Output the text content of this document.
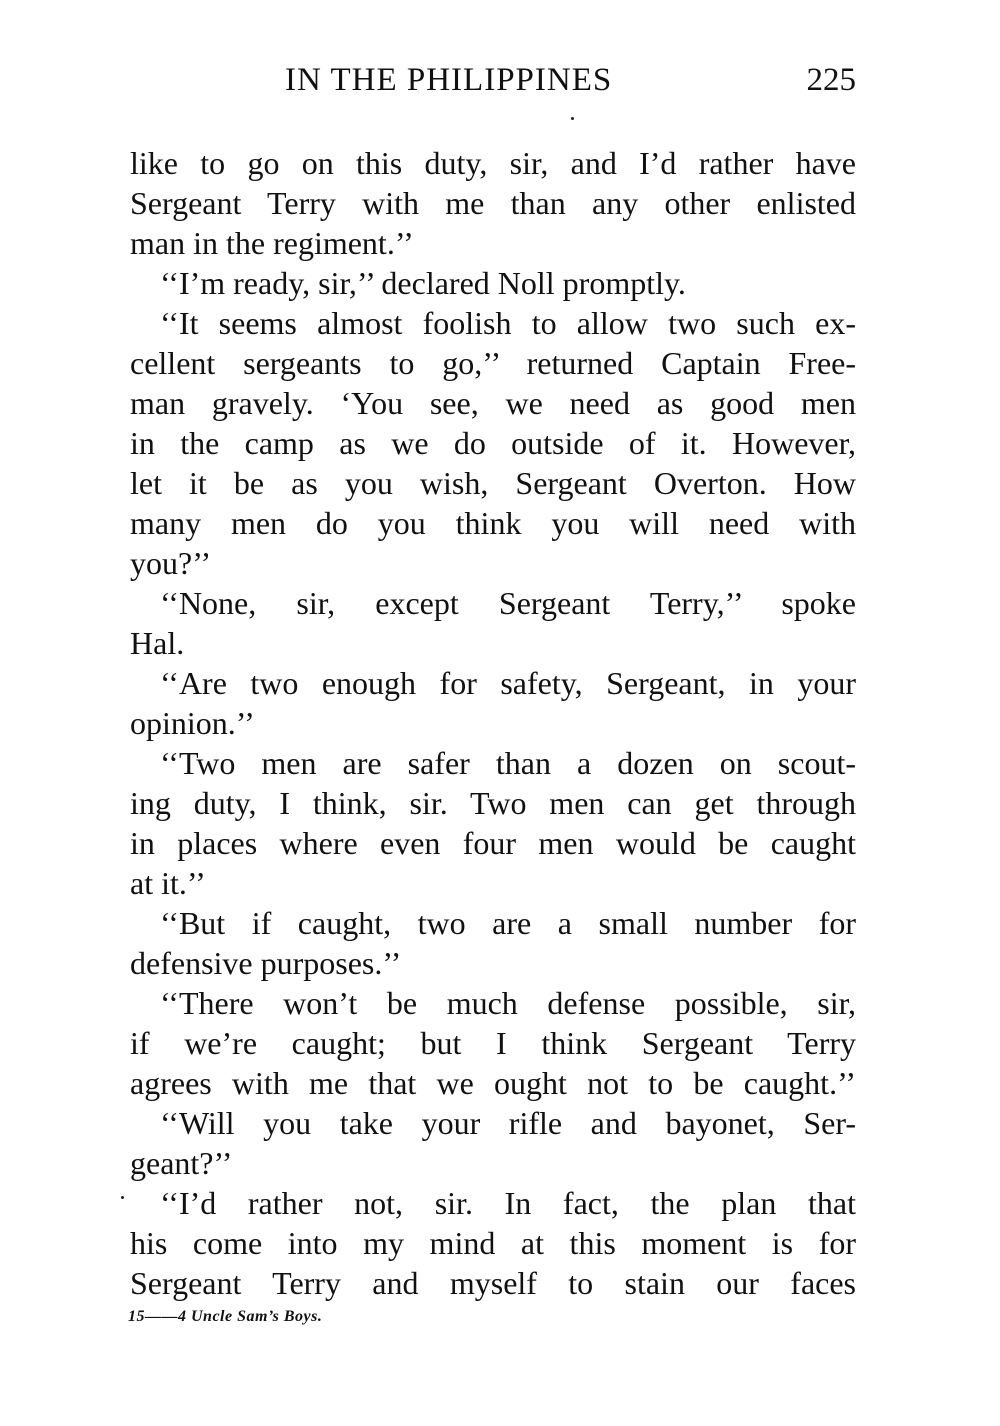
IN THE PHILIPPINES	225
like to go on this duty, sir, and I’d rather have
Sergeant Terry with me than any other enlisted
man in the regiment.’’
‘‘I’m ready, sir,’’ declared Noll promptly.
‘‘It seems almost foolish to allow two such ex-
cellent sergeants to go,’’ returned Captain Free-
man gravely. ‘You see, we need as good men
in the camp as we do outside of it. However,
let it be as you wish, Sergeant Overton. How
many men do you think you will need with
you?’’
‘‘None, sir, except Sergeant Terry,’’ spoke
Hal.
‘‘Are two enough for safety, Sergeant, in your
opinion.’’
‘‘Two men are safer than a dozen on scout-
ing duty, I think, sir. Two men can get through
in places where even four men would be caught
at it.’’
‘‘But if caught, two are a small number for
defensive purposes.’’
‘‘There won’t be much defense possible, sir,
if we’re caught; but I think Sergeant Terry
agrees with me that we ought not to be caught.’’
‘‘Will you take your rifle and bayonet, Ser-
geant?’’
‘‘I’d rather not, sir. In fact, the plan that
his come into my mind at this moment is for
Sergeant Terry and myself to stain our faces
15——4 Uncle Sam’s Boys.
